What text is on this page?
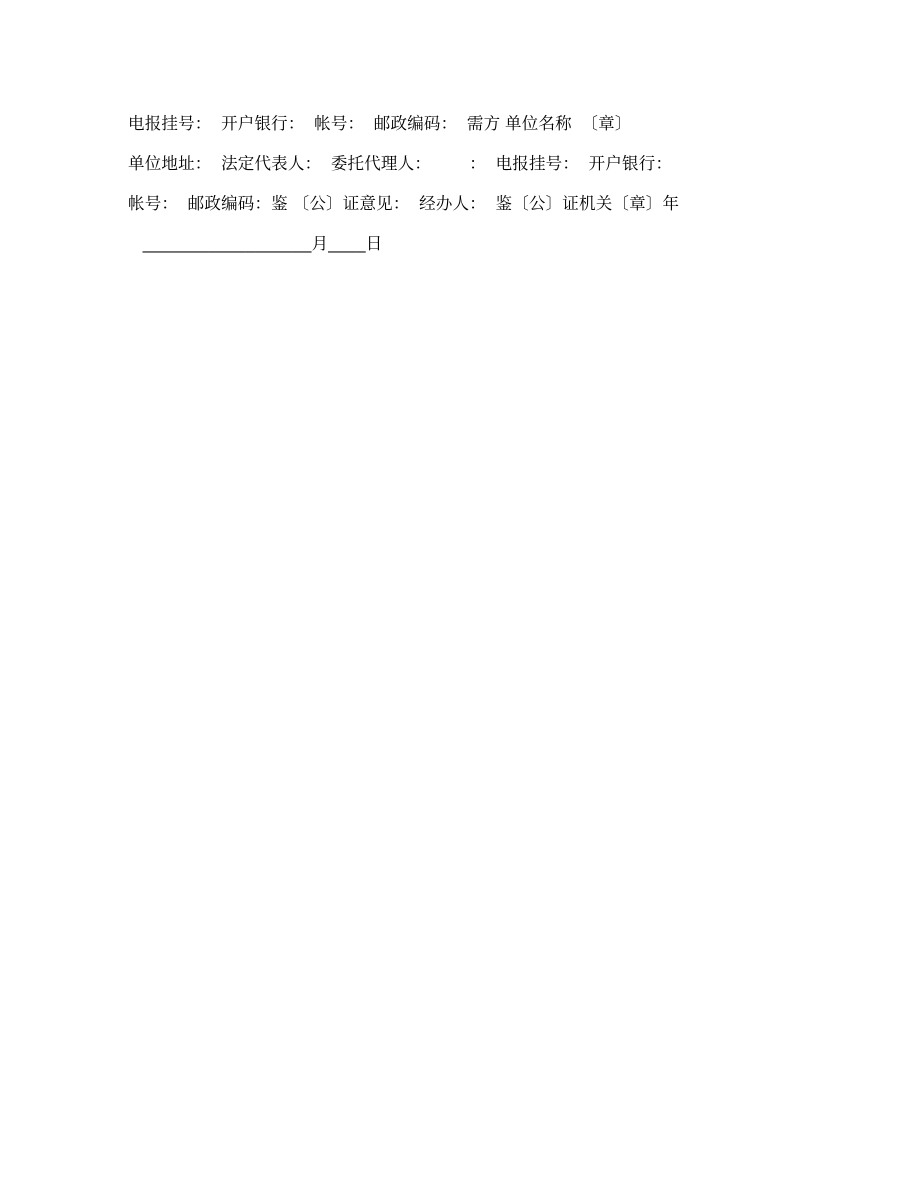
电报挂号：  开户银行：  帐号：  邮政编码：  需方 单位名称  〔章〕
单位地址：  法定代表人：  委托代理人：        ：  电报挂号：  开户银行：
帐号：  邮政编码：鉴 〔公〕证意见：  经办人：  鉴〔公〕证机关〔章〕年
__________________月____日
